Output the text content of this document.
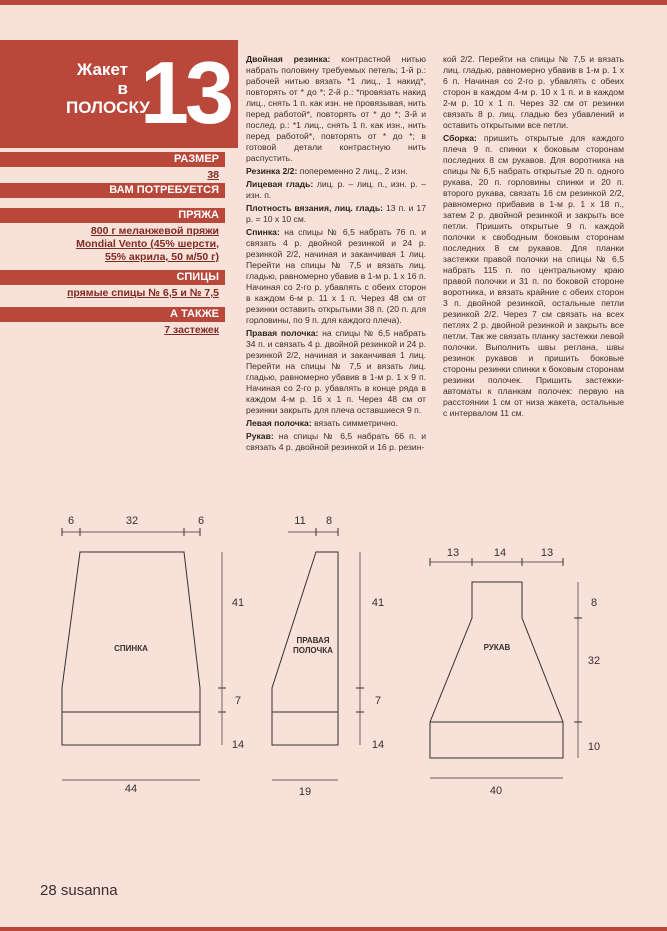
Жакет в
ПОЛОСКУ
13
РАЗМЕР
38
ВАМ ПОТРЕБУЕТСЯ
ПРЯЖА
800 г меланжевой пряжи
Mondial Vento (45% шерсти,
55% акрила, 50 м/50 г)
СПИЦЫ
прямые спицы № 6,5 и № 7,5
А ТАКЖЕ
7 застежек

Двойная резинка: контрастной нитью набрать половину требуемых петель; 1-й р.: рабочей нитью вязать *1 лиц., 1 накид*, повторять от * до *; 2-й р.: *провязать накид лиц., снять 1 п. как изн. не провязывая, нить перед работой*, повторять от * до *; 3-й и послед. р.: *1 лиц., снять 1 п. как изн., нить перед работой*, повторять от * до *; в готовой детали контрастную нить распустить.

Резинка 2/2: попеременно 2 лиц., 2 изн.

Лицевая гладь: лиц. р. – лиц. п., изн. р. – изн. п.

Плотность вязания, лиц. гладь: 13 п. и 17 р. = 10 х 10 см.

Спинка: на спицы № 6,5 набрать 76 п. и связать 4 р. двойной резинкой и 24 р. резинкой 2/2, начиная и заканчивая 1 лиц. Перейти на спицы № 7,5 и вязать лиц. гладью, равномерно убавив в 1-м р. 1 х 16 п. Начиная со 2-го р. убавлять с обеих сторон в каждом 6-м р. 11 х 1 п. Через 48 см от резинки оставить открытыми 38 п. (20 п. для горловины, по 9 п. для каждого плеча).

Правая полочка: на спицы № 6,5 набрать 34 п. и связать 4 р. двойной резинкой и 24 р. резинкой 2/2, начиная и заканчивая 1 лиц. Перейти на спицы № 7,5 и вязать лиц. гладью, равномерно убавив в 1-м р. 1 х 9 п. Начиная со 2-го р. убавлять в конце ряда в каждом 4-м р. 16 х 1 п. Через 48 см от резинки закрыть для плеча оставшиеся 9 п.

Левая полочка: вязать симметрично.

Рукав: на спицы № 6,5 набрать 66 п. и связать 4 р. двойной резинкой и 16 р. резин-

кой 2/2. Перейти на спицы № 7,5 и вязать лиц. гладью, равномерно убавив в 1-м р. 1 х 6 п. Начиная со 2-го р. убавлять с обеих сторон в каждом 4-м р. 10 х 1 п. и в каждом 2-м р. 10 х 1 п. Через 32 см от резинки связать 8 р. лиц. гладью без убавлений и оставить открытыми все петли.

Сборка: пришить открытые для каждого плеча 9 п. спинки к боковым сторонам последних 8 см рукавов. Для воротника на спицы № 6,5 набрать открытые 20 п. одного рукава, 20 п. горловины спинки и 20 п. второго рукава, связать 16 см резинкой 2/2, равномерно прибавив в 1-м р. 1 х 18 п., затем 2 р. двойной резинкой и закрыть все петли. Пришить открытые 9 п. каждой полочки к свободным боковым сторонам последних 8 см рукавов. Для планки застежки правой полочки на спицы № 6,5 набрать 115 п. по центральному краю правой полочки и 31 п. по боковой стороне воротника, и вязать крайние с обеих сторон 3 п. двойной резинкой, остальные петли резинкой 2/2. Через 7 см связать на всех петлях 2 р. двойной резинкой и закрыть все петли. Так же связать планку застежки левой полочки. Выполнить швы реглана, швы резинок рукавов и пришить боковые стороны резинки спинки к боковым сторонам резинки полочек. Пришить застежки-автоматы к планкам полочек: первую на расстоянии 1 см от низа жакета, остальные с интервалом 11 см.

6	32	6
41
7
14
44
СПИНКА
11 8
41
7
14
19
ПРАВАЯ
ПОЛОЧКА
13	14	13
8
32
10
40
РУКАВ
28 susanna
